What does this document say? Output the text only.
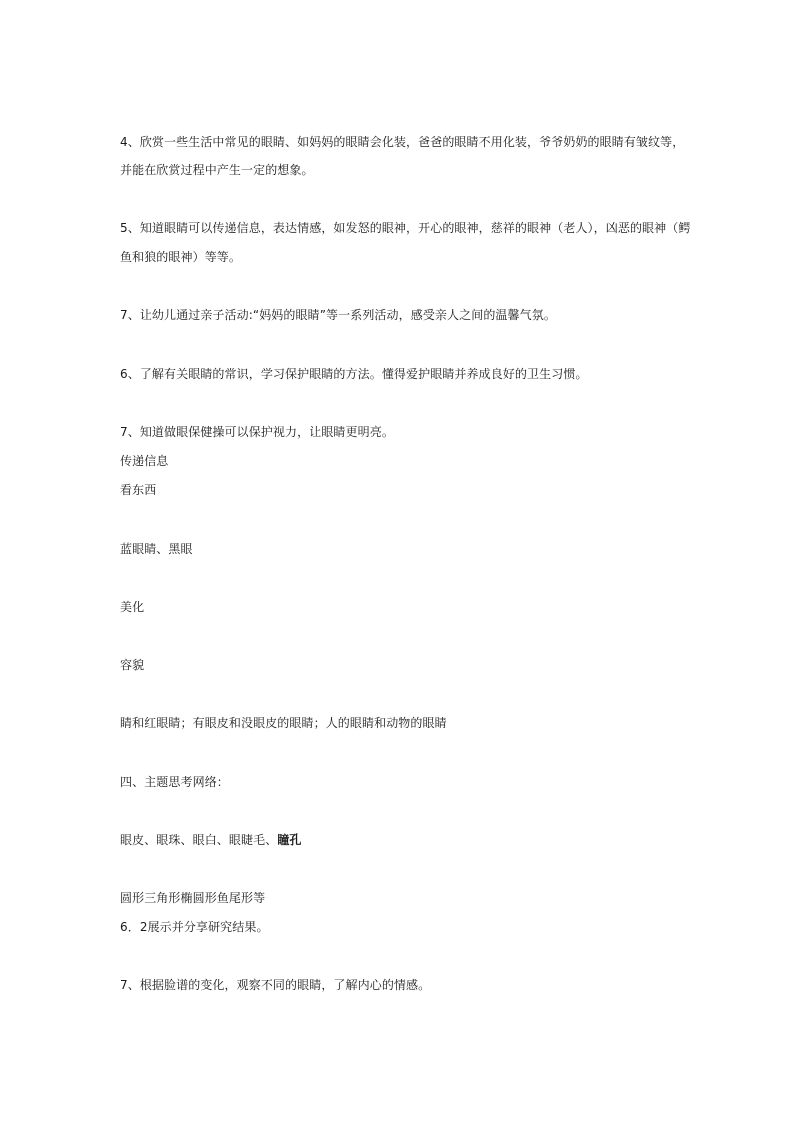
4、欣赏一些生活中常见的眼睛、如妈妈的眼睛会化装，爸爸的眼睛不用化装，爷爷奶奶的眼睛有皱纹等，
并能在欣赏过程中产生一定的想象。
5、知道眼睛可以传递信息，表达情感，如发怒的眼神，开心的眼神，慈祥的眼神（老人），凶恶的眼神（鳄
鱼和狼的眼神）等等。
7、让幼儿通过亲子活动:“妈妈的眼睛”等一系列活动，感受亲人之间的温馨气氛。
6、了解有关眼睛的常识，学习保护眼睛的方法。懂得爱护眼睛并养成良好的卫生习惯。
7、知道做眼保健操可以保护视力，让眼睛更明亮。
传递信息
看东西
蓝眼睛、黑眼
美化
容貌
睛和红眼睛；有眼皮和没眼皮的眼睛；人的眼睛和动物的眼睛
四、主题思考网络：
眼皮、眼珠、眼白、眼睫毛、瞳孔
圆形三角形椭圆形鱼尾形等
6．2展示并分享研究结果。
7、根据脸谱的变化，观察不同的眼睛，了解内心的情感。
